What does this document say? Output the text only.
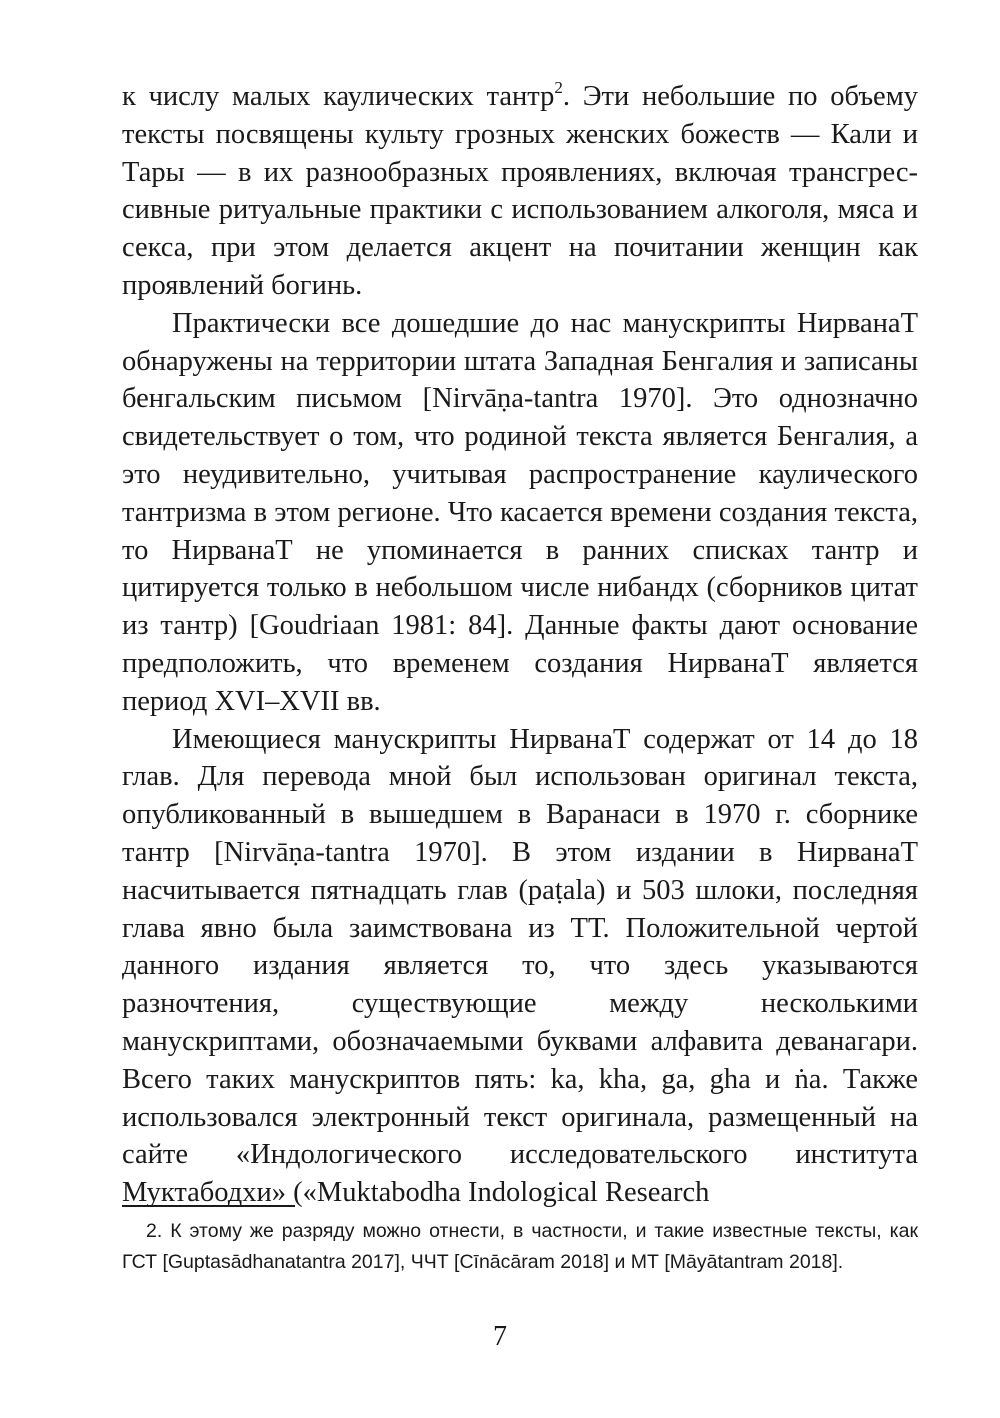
к числу малых каулических тантр$^2$. Эти небольшие по объему тексты посвящены культу грозных женских божеств — Кали и Тары — в их разнообразных проявлениях, включая трансгрессивные ритуальные практики с использованием алкоголя, мяса и секса, при этом делается акцент на почитании женщин как проявлений богинь.

Практически все дошедшие до нас манускрипты НирванаТ обнаружены на территории штата Западная Бенгалия и записаны бенгальским письмом [Nirvāṇa-tantra 1970]. Это однозначно свидетельствует о том, что родиной текста является Бенгалия, а это неудивительно, учитывая распространение каулического тантризма в этом регионе. Что касается времени создания текста, то НирванаТ не упоминается в ранних списках тантр и цитируется только в небольшом числе нибандх (сборников цитат из тантр) [Goudriaan 1981: 84]. Данные факты дают основание предположить, что временем создания НирванаТ является период XVI–XVII вв.

Имеющиеся манускрипты НирванаТ содержат от 14 до 18 глав. Для перевода мной был использован оригинал текста, опубликованный в вышедшем в Варанаси в 1970 г. сборнике тантр [Nirvāṇa-tantra 1970]. В этом издании в НирванаТ насчитывается пятнадцать глав (paṭala) и 503 шлоки, последняя глава явно была заимствована из ТТ. Положительной чертой данного издания является то, что здесь указываются разночтения, существующие между несколькими манускриптами, обозначаемыми буквами алфавита деванагари. Всего таких манускриптов пять: ka, kha, ga, gha и ṅa. Также использовался электронный текст оригинала, размещенный на сайте «Индологического исследовательского института Муктабодхи» («Muktabodha Indological Research

2. К этому же разряду можно отнести, в частности, и такие известные тексты, как ГСТ [Guptasādhanatantra 2017], ЧЧТ [Cīnācāram 2018] и МТ [Māyātantram 2018].

7
